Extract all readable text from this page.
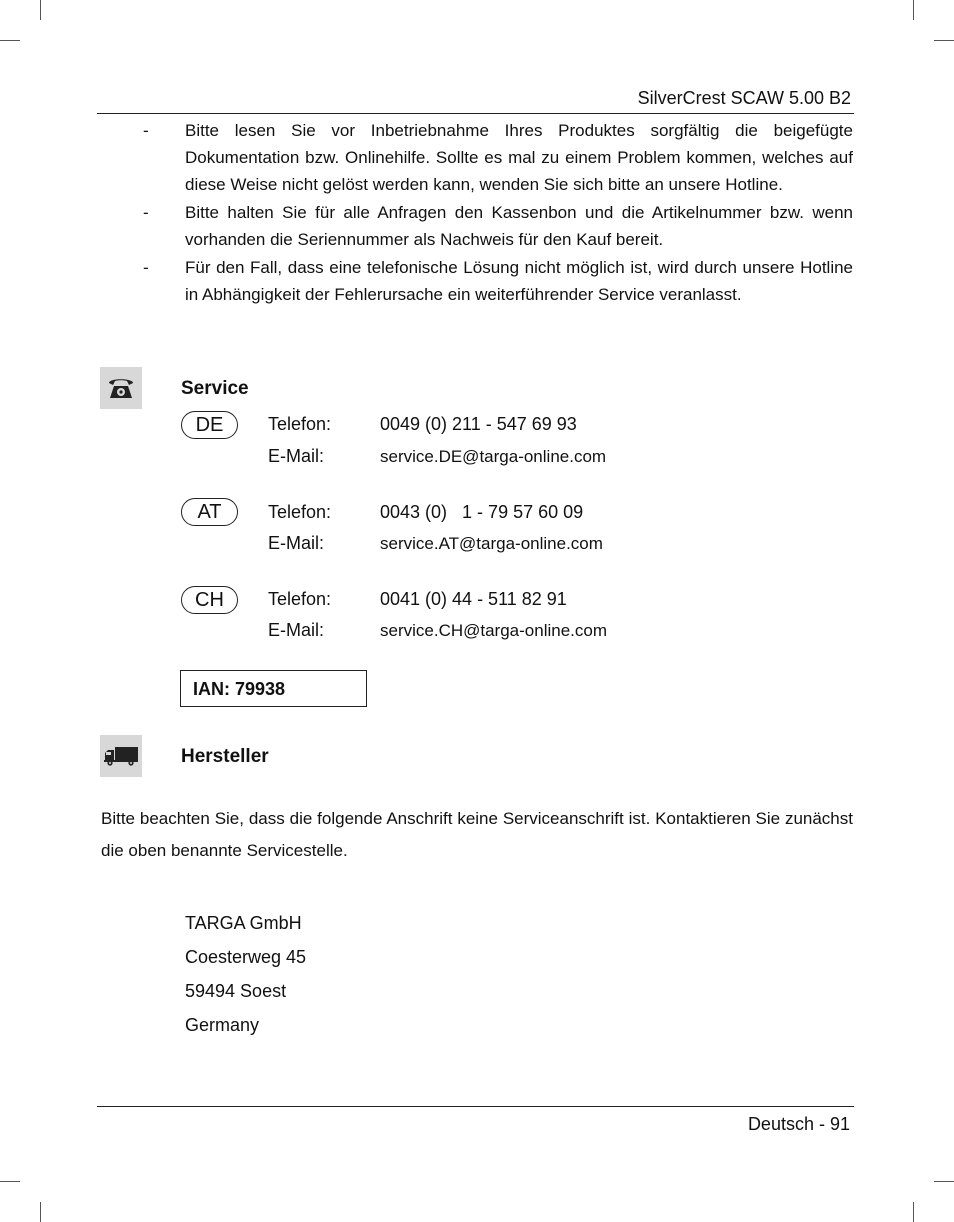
SilverCrest SCAW 5.00 B2
-	Bitte lesen Sie vor Inbetriebnahme Ihres Produktes sorgfältig die beigefügte Dokumentation bzw. Onlinehilfe. Sollte es mal zu einem Problem kommen, welches auf diese Weise nicht gelöst werden kann, wenden Sie sich bitte an unsere Hotline.
-	Bitte halten Sie für alle Anfragen den Kassenbon und die Artikelnummer bzw. wenn vorhanden die Seriennummer als Nachweis für den Kauf bereit.
-	Für den Fall, dass eine telefonische Lösung nicht möglich ist, wird durch unsere Hotline in Abhängigkeit der Fehlerursache ein weiterführender Service veranlasst.
Service
DE	Telefon:	0049 (0) 211 - 547 69 93
E-Mail:	service.DE@targa-online.com
AT	Telefon:	0043 (0)   1 - 79 57 60 09
E-Mail:	service.AT@targa-online.com
CH	Telefon:	0041 (0) 44 - 511 82 91
E-Mail:	service.CH@targa-online.com
IAN: 79938
Hersteller
Bitte beachten Sie, dass die folgende Anschrift keine Serviceanschrift ist. Kontaktieren Sie zunächst die oben benannte Servicestelle.
TARGA GmbH
Coesterweg 45
59494 Soest
Germany
Deutsch - 91
